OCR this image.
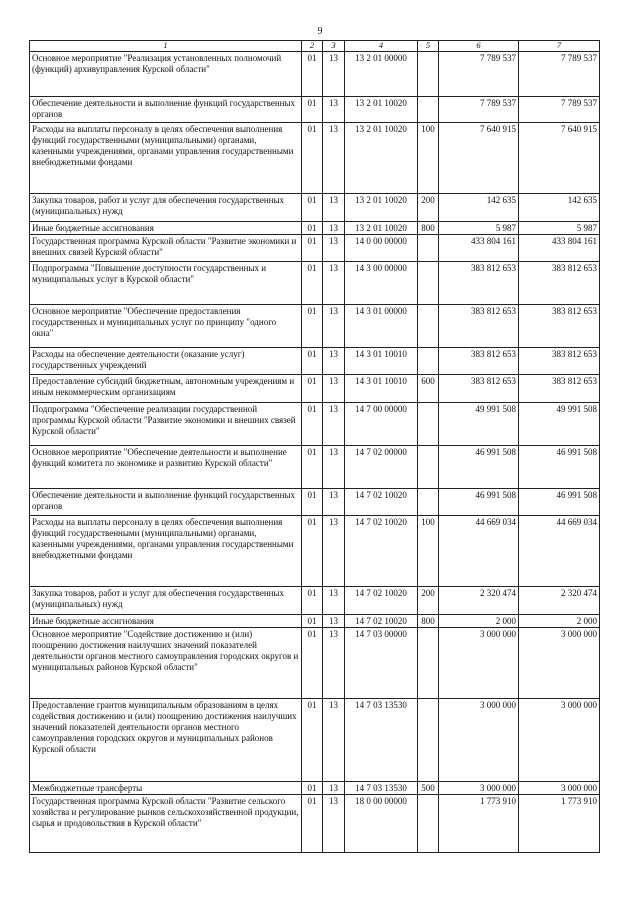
9
1	2	3	4	5	6	7
Основное мероприятие "Реализация установленных полномочий (функций) архивуправления Курской области"	01	13	13 2 01 00000		7 789 537	7 789 537
Обеспечение деятельности и выполнение функций государственных органов	01	13	13 2 01 10020		7 789 537	7 789 537
Расходы на выплаты персоналу в целях обеспечения выполнения функций государственными (муниципальными) органами, казенными учреждениями, органами управления государственными внебюджетными фондами	01	13	13 2 01 10020	100	7 640 915	7 640 915
Закупка товаров, работ и услуг для обеспечения государственных (муниципальных) нужд	01	13	13 2 01 10020	200	142 635	142 635
Иные бюджетные ассигнования	01	13	13 2 01 10020	800	5 987	5 987
Государственная программа Курской области "Развитие экономики и внешних связей Курской области"	01	13	14 0 00 00000		433 804 161	433 804 161
Подпрограмма "Повышение доступности государственных и муниципальных услуг в Курской области"	01	13	14 3 00 00000		383 812 653	383 812 653
Основное мероприятие "Обеспечение предоставления государственных и муниципальных услуг по принципу "одного окна"	01	13	14 3 01 00000		383 812 653	383 812 653
Расходы на обеспечение деятельности (оказание услуг) государственных учреждений	01	13	14 3 01 10010		383 812 653	383 812 653
Предоставление субсидий бюджетным, автономным учреждениям и иным некоммерческим организациям	01	13	14 3 01 10010	600	383 812 653	383 812 653
Подпрограмма "Обеспечение реализации государственной программы Курской области "Развитие экономики и внешних связей Курской области"	01	13	14 7 00 00000		49 991 508	49 991 508
Основное мероприятие "Обеспечение деятельности и выполнение функций комитета по экономике и развитию Курской области"	01	13	14 7 02 00000		46 991 508	46 991 508
Обеспечение деятельности и выполнение функций государственных органов	01	13	14 7 02 10020		46 991 508	46 991 508
Расходы на выплаты персоналу в целях обеспечения выполнения функций государственными (муниципальными) органами, казенными учреждениями, органами управления государственными внебюджетными фондами	01	13	14 7 02 10020	100	44 669 034	44 669 034
Закупка товаров, работ и услуг для обеспечения государственных (муниципальных) нужд	01	13	14 7 02 10020	200	2 320 474	2 320 474
Иные бюджетные ассигнования	01	13	14 7 02 10020	800	2 000	2 000
Основное мероприятие "Содействие достижению и (или) поощрению достижения наилучших значений показателей деятельности органов местного самоуправления городских округов и муниципальных районов Курской области"	01	13	14 7 03 00000		3 000 000	3 000 000
Предоставление грантов муниципальным образованиям в целях содействия достижению и (или) поощрению достижения наилучших значений показателей деятельности органов местного самоуправления городских округов и муниципальных районов Курской области	01	13	14 7 03 13530		3 000 000	3 000 000
Межбюджетные трансферты	01	13	14 7 03 13530	500	3 000 000	3 000 000
Государственная программа Курской области "Развитие сельского хозяйства и регулирование рынков сельскохозяйственной продукции, сырья и продовольствия в Курской области"	01	13	18 0 00 00000		1 773 910	1 773 910
